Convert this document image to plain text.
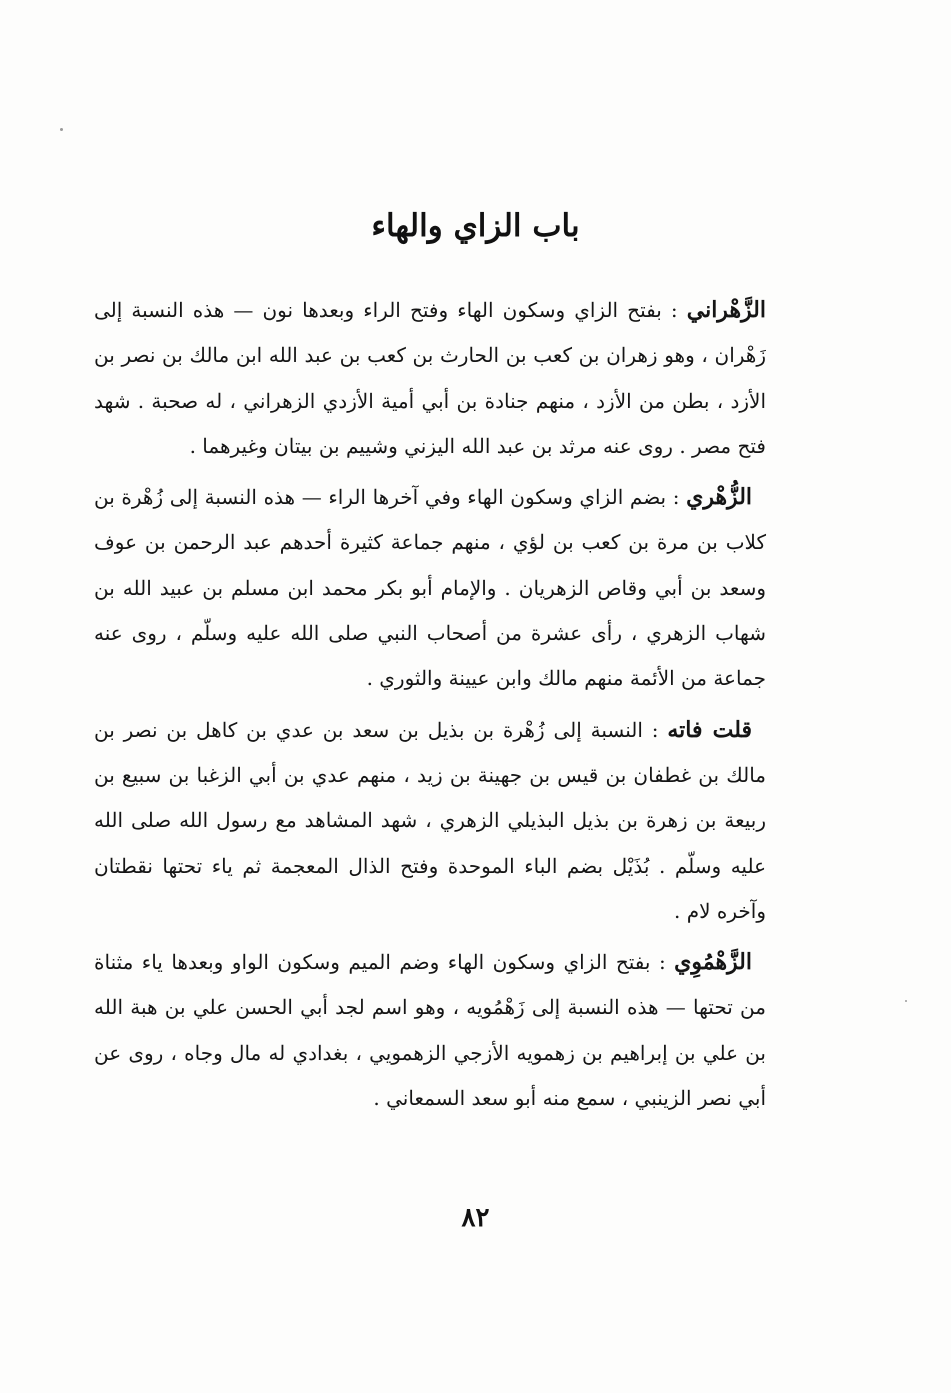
باب الزاي والهاء

الزَّهْراني : بفتح الزاي وسكون الهاء وفتح الراء وبعدها نون — هذه النسبة إلى زَهْران ، وهو زهران بن كعب بن الحارث بن كعب بن عبد الله ابن مالك بن نصر بن الأزد ، بطن من الأزد ، منهم جنادة بن أبي أمية الأزدي الزهراني ، له صحبة . شهد فتح مصر . روى عنه مرثد بن عبد الله اليزني وشييم بن بيتان وغيرهما .

الزُّهْري : بضم الزاي وسكون الهاء وفي آخرها الراء — هذه النسبة إلى زُهْرة بن كلاب بن مرة بن كعب بن لؤي ، منهم جماعة كثيرة أحدهم عبد الرحمن بن عوف وسعد بن أبي وقاص الزهريان . والإمام أبو بكر محمد ابن مسلم بن عبيد الله بن شهاب الزهري ، رأى عشرة من أصحاب النبي صلى الله عليه وسلّم ، روى عنه جماعة من الأئمة منهم مالك وابن عيينة والثوري .

قلت فاته : النسبة إلى زُهْرة بن بذيل بن سعد بن عدي بن كاهل بن نصر بن مالك بن غطفان بن قيس بن جهينة بن زيد ، منهم عدي بن أبي الزغبا بن سبيع بن ربيعة بن زهرة بن بذيل البذيلي الزهري ، شهد المشاهد مع رسول الله صلى الله عليه وسلّم . بُذَيْل بضم الباء الموحدة وفتح الذال المعجمة ثم ياء تحتها نقطتان وآخره لام .

الزَّهْمُوِي : بفتح الزاي وسكون الهاء وضم الميم وسكون الواو وبعدها ياء مثناة من تحتها — هذه النسبة إلى زَهْمُويه ، وهو اسم لجد أبي الحسن علي بن هبة الله بن علي بن إبراهيم بن زهمويه الأزجي الزهمويي ، بغدادي له مال وجاه ، روى عن أبي نصر الزينبي ، سمع منه أبو سعد السمعاني .

٨٢
